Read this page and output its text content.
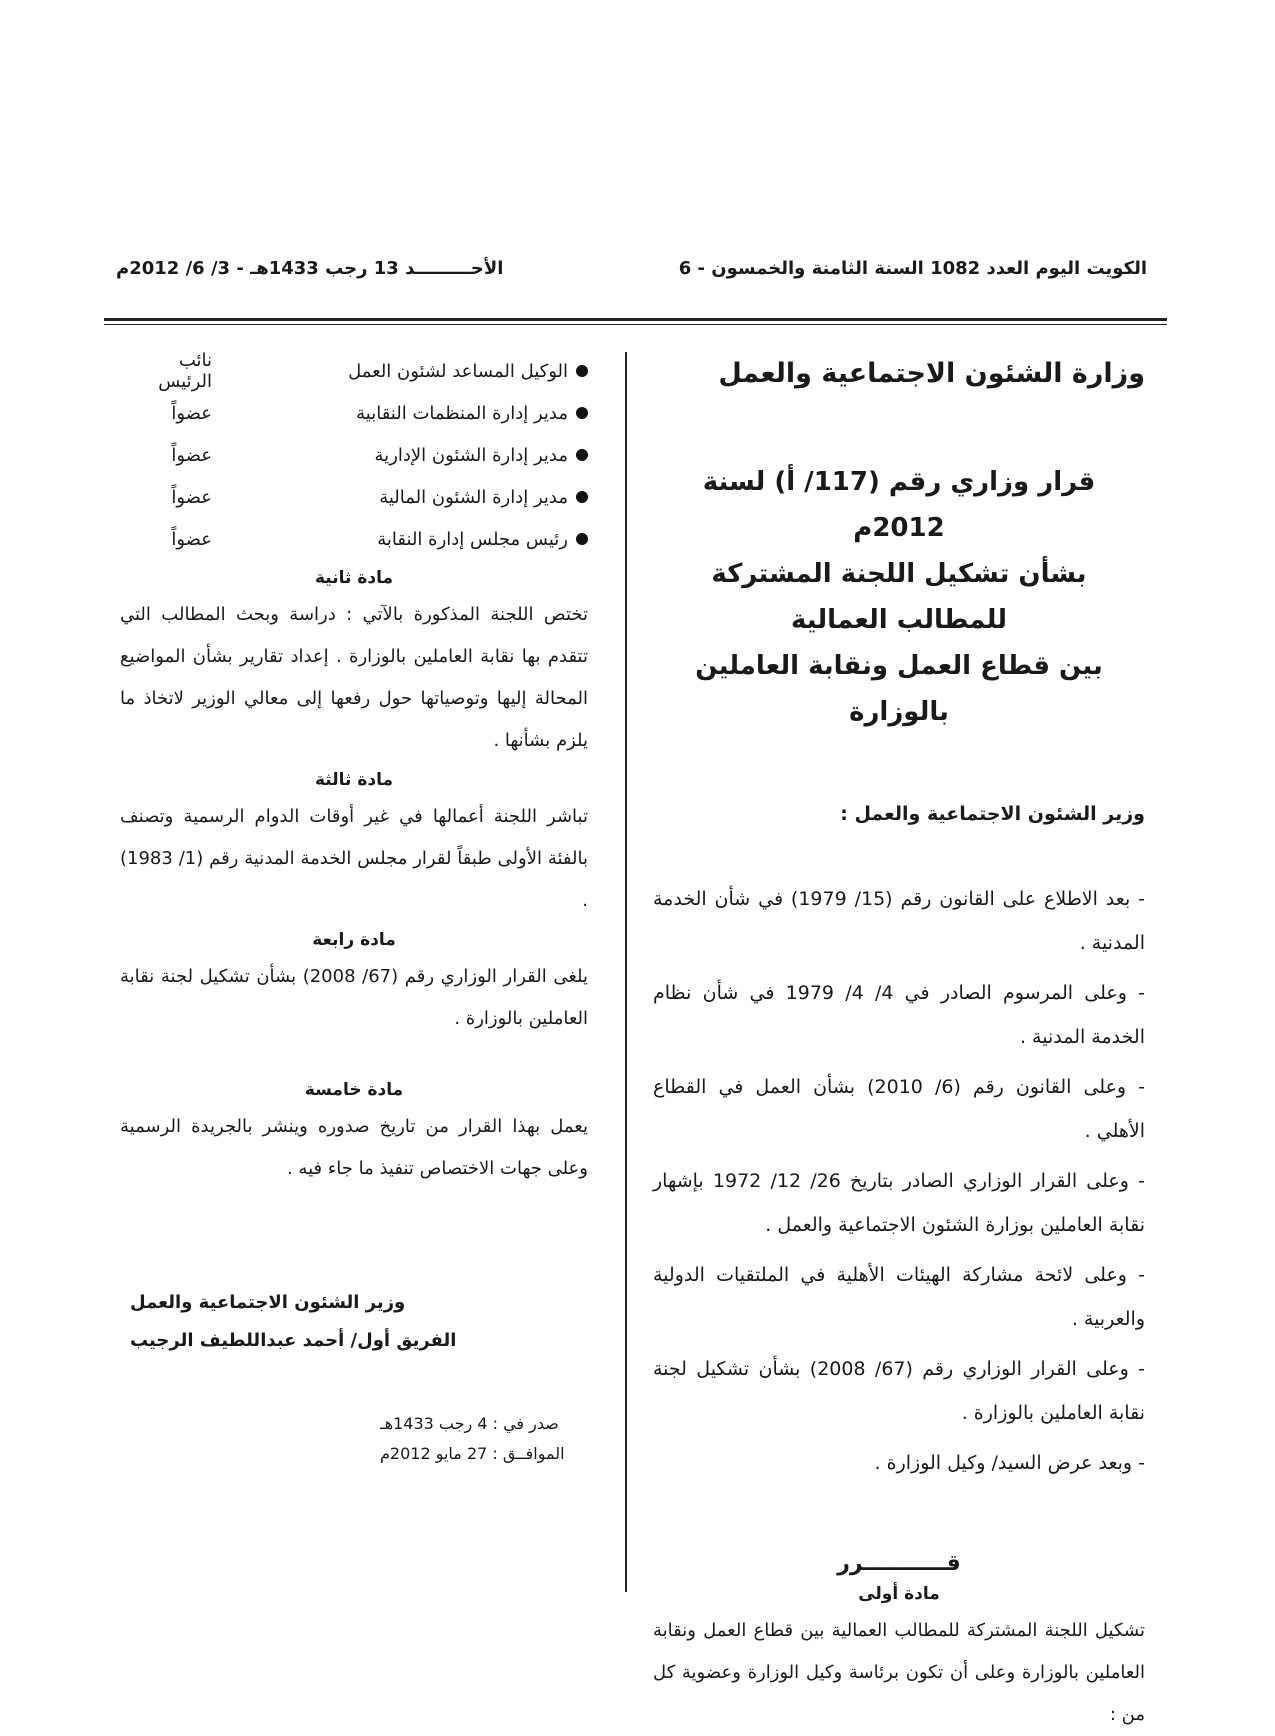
الكويت اليوم العدد 1082 السنة الثامنة والخمسون - 6
الأحـــــــــد 13 رجب 1433هـ - 3/ 6/ 2012م
وزارة الشئون الاجتماعية والعمل
قرار وزاري رقم (117/ أ) لسنة 2012م
بشأن تشكيل اللجنة المشتركة للمطالب العمالية
بين قطاع العمل ونقابة العاملين بالوزارة
وزير الشئون الاجتماعية والعمل :
- بعد الاطلاع على القانون رقم (15/ 1979) في شأن الخدمة المدنية .
- وعلى المرسوم الصادر في 4/ 4/ 1979 في شأن نظام الخدمة المدنية .
- وعلى القانون رقم (6/ 2010) بشأن العمل في القطاع الأهلي .
- وعلى القرار الوزاري الصادر بتاريخ 26/ 12/ 1972 بإشهار نقابة العاملين بوزارة الشئون الاجتماعية والعمل .
- وعلى لائحة مشاركة الهيئات الأهلية في الملتقيات الدولية والعربية .
- وعلى القرار الوزاري رقم (67/ 2008) بشأن تشكيل لجنة نقابة العاملين بالوزارة .
- وبعد عرض السيد/ وكيل الوزارة .
قـــــــــــرر
مادة أولى
تشكيل اللجنة المشتركة للمطالب العمالية بين قطاع العمل ونقابة العاملين بالوزارة وعلى أن تكون برئاسة وكيل الوزارة وعضوية كل من :
الوكيل المساعد لشئون العمل
نائب الرئيس
مدير إدارة المنظمات النقابية
عضواً
مدير إدارة الشئون الإدارية
عضواً
مدير إدارة الشئون المالية
عضواً
رئيس مجلس إدارة النقابة
عضواً
مادة ثانية
تختص اللجنة المذكورة بالآتي : دراسة وبحث المطالب التي تتقدم بها نقابة العاملين بالوزارة . إعداد تقارير بشأن المواضيع المحالة إليها وتوصياتها حول رفعها إلى معالي الوزير لاتخاذ ما يلزم بشأنها .
مادة ثالثة
تباشر اللجنة أعمالها في غير أوقات الدوام الرسمية وتصنف بالفئة الأولى طبقاً لقرار مجلس الخدمة المدنية رقم (1/ 1983) .
مادة رابعة
يلغى القرار الوزاري رقم (67/ 2008) بشأن تشكيل لجنة نقابة العاملين بالوزارة .
مادة خامسة
يعمل بهذا القرار من تاريخ صدوره وينشر بالجريدة الرسمية وعلى جهات الاختصاص تنفيذ ما جاء فيه .
وزير الشئون الاجتماعية والعمل
الفريق أول/ أحمد عبداللطيف الرجيب
صدر في : 4 رجب 1433هـ
الموافــق : 27 مايو 2012م
